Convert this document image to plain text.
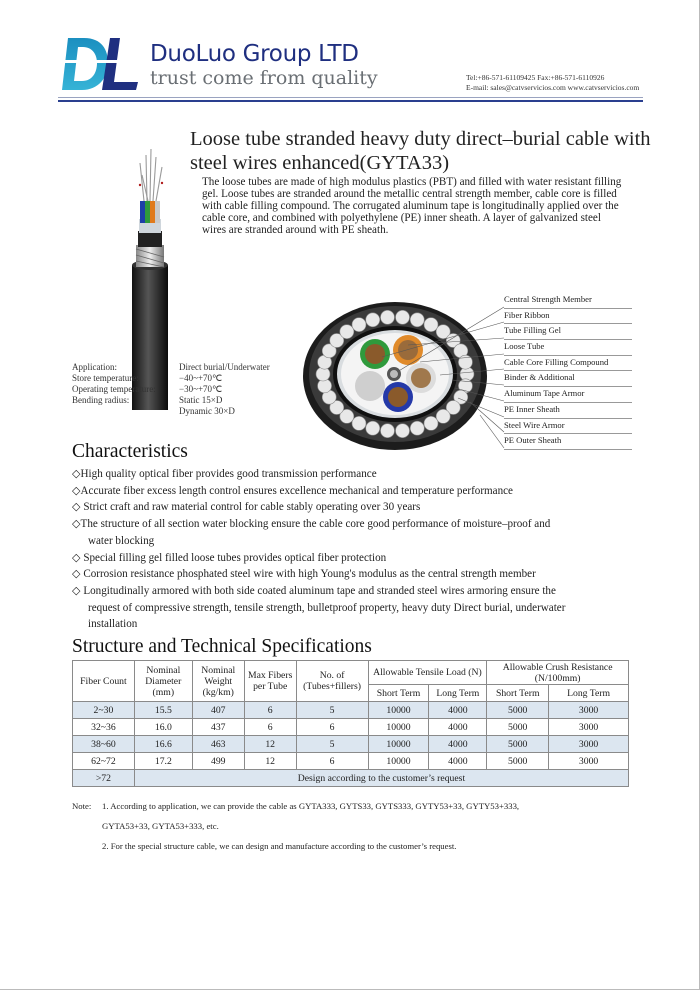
DuoLuo Group LTD
trust come from quality	Tel:+86-571-61109425 Fax:+86-571-6110926
E-mail: sales@catvservicios.com www.catvservicios.com
Loose tube stranded heavy duty direct–burial cable with steel wires enhanced(GYTA33)
The loose tubes are made of high modulus plastics (PBT) and filled with water resistant filling gel. Loose tubes are stranded around the metallic central strength member, cable core is filled with cable filling compound. The corrugated aluminum tape is longitudinally applied over the cable core, and combined with polyethylene (PE) inner sheath. A layer of galvanized steel wires are stranded around with PE sheath.
Application:	Direct burial/Underwater
Store temperature:	−40~+70℃
Operating temperature:	−30~+70℃
Bending radius:	Static 15×D
Dynamic 30×D
Central Strength Member
Fiber Ribbon
Tube Filling Gel
Loose Tube
Cable Core Filling Compound
Binder & Additional
Aluminum Tape Armor
PE Inner Sheath
Steel Wire Armor
PE Outer Sheath
Characteristics
◇High quality optical fiber provides good transmission performance
◇Accurate fiber excess length control ensures excellence mechanical and temperature performance
◇ Strict craft and raw material control for cable stably operating over 30 years
◇The structure of all section water blocking ensure the cable core good performance of moisture–proof and
water blocking
◇ Special filling gel filled loose tubes provides optical fiber protection
◇ Corrosion resistance phosphated steel wire with high Young's modulus as the central strength member
◇ Longitudinally armored with both side coated aluminum tape and stranded steel wires armoring ensure the
request of compressive strength, tensile strength, bulletproof property, heavy duty Direct burial, underwater
installation
Structure and Technical Specifications
Fiber Count	Nominal Diameter (mm)	Nominal Weight (kg/km)	Max Fibers per Tube	No. of (Tubes+fillers)	Allowable Tensile Load (N)		Allowable Crush Resistance (N/100mm)	
					Short Term	Long Term	Short Term	Long Term
2~30	15.5	407	6	5	10000	4000	5000	3000
32~36	16.0	437	6	6	10000	4000	5000	3000
38~60	16.6	463	12	5	10000	4000	5000	3000
62~72	17.2	499	12	6	10000	4000	5000	3000
>72	Design according to the customer’s request							
Note: 1. According to application, we can provide the cable as GYTA333, GYTS33, GYTS333, GYTY53+33, GYTY53+333,
GYTA53+33, GYTA53+333, etc.
2. For the special structure cable, we can design and manufacture according to the customer’s request.
